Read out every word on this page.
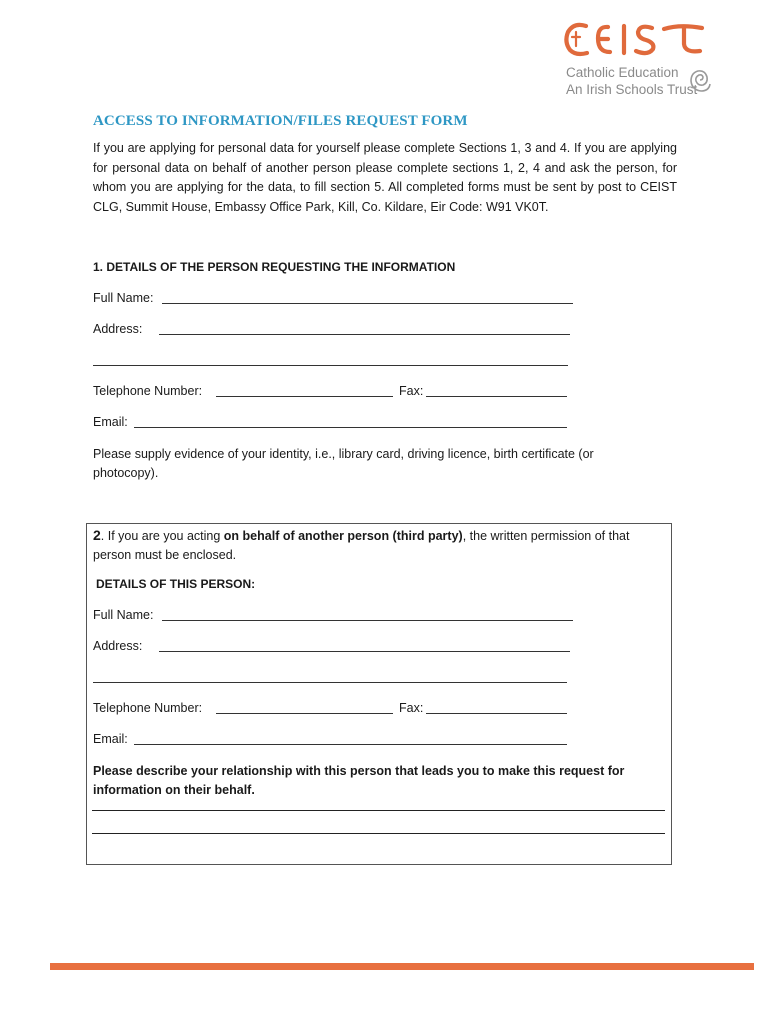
Catholic Education
An Irish Schools Trust
ACCESS TO INFORMATION/FILES REQUEST FORM
If you are applying for personal data for yourself please complete Sections 1, 3 and 4. If you are applying for personal data on behalf of another person please complete sections 1, 2, 4 and ask the person, for whom you are applying for the data, to fill section 5. All completed forms must be sent by post to CEIST CLG, Summit House, Embassy Office Park, Kill, Co. Kildare, Eir Code: W91 VK0T.
1. DETAILS OF THE PERSON REQUESTING THE INFORMATION
Full Name:
Address:
Telephone Number:	Fax:
Email:
Please supply evidence of your identity, i.e., library card, driving licence, birth certificate (or photocopy).
2. If you are you acting on behalf of another person (third party), the written permission of that person must be enclosed.
DETAILS OF THIS PERSON:
Full Name:
Address:
Telephone Number:	Fax:
Email:
Please describe your relationship with this person that leads you to make this request for information on their behalf.
